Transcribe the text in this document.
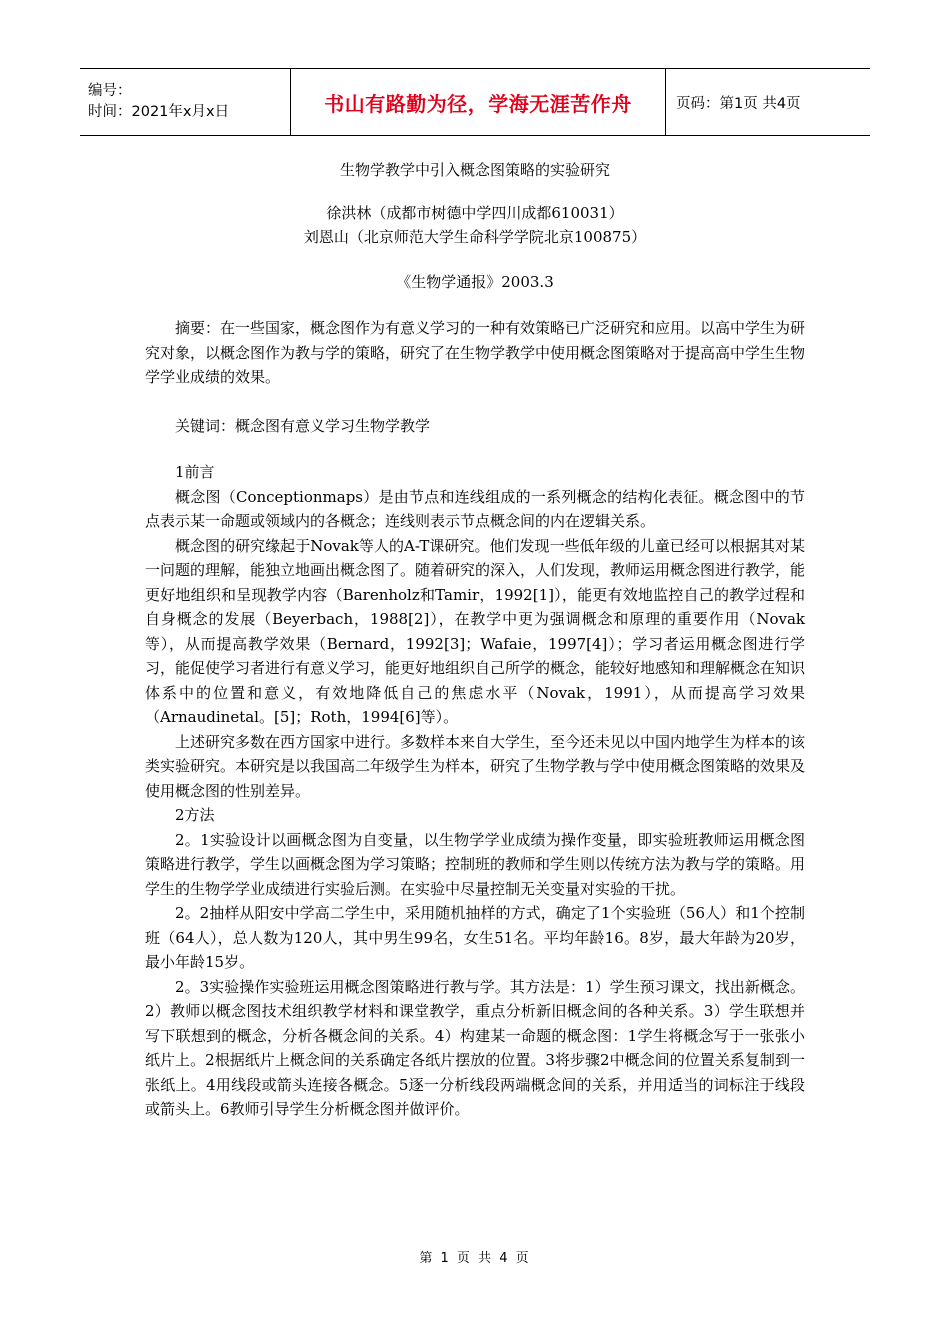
编号：
时间：2021年x月x日	书山有路勤为径，学海无涯苦作舟	页码：第1页 共4页

生物学教学中引入概念图策略的实验研究

徐洪林（成都市树德中学四川成都610031）

刘恩山（北京师范大学生命科学学院北京100875）

《生物学通报》2003.3

摘要：在一些国家，概念图作为有意义学习的一种有效策略已广泛研究和应用。以高中学生为研究对象，以概念图作为教与学的策略，研究了在生物学教学中使用概念图策略对于提高高中学生生物学学业成绩的效果。

关键词：概念图有意义学习生物学教学

1前言

概念图（Conceptionmaps）是由节点和连线组成的一系列概念的结构化表征。概念图中的节点表示某一命题或领域内的各概念；连线则表示节点概念间的内在逻辑关系。

概念图的研究缘起于Novak等人的A-T课研究。他们发现一些低年级的儿童已经可以根据其对某一问题的理解，能独立地画出概念图了。随着研究的深入，人们发现，教师运用概念图进行教学，能更好地组织和呈现教学内容（Barenholz和Tamir，1992[1]），能更有效地监控自己的教学过程和自身概念的发展（Beyerbach，1988[2]），在教学中更为强调概念和原理的重要作用（Novak等），从而提高教学效果（Bernard，1992[3]；Wafaie，1997[4]）；学习者运用概念图进行学习，能促使学习者进行有意义学习，能更好地组织自己所学的概念，能较好地感知和理解概念在知识体系中的位置和意义，有效地降低自己的焦虑水平（Novak，1991），从而提高学习效果（Arnaudinetal。[5]；Roth，1994[6]等）。

上述研究多数在西方国家中进行。多数样本来自大学生，至今还未见以中国内地学生为样本的该类实验研究。本研究是以我国高二年级学生为样本，研究了生物学教与学中使用概念图策略的效果及使用概念图的性别差异。

2方法

2。1实验设计以画概念图为自变量，以生物学学业成绩为操作变量，即实验班教师运用概念图策略进行教学，学生以画概念图为学习策略；控制班的教师和学生则以传统方法为教与学的策略。用学生的生物学学业成绩进行实验后测。在实验中尽量控制无关变量对实验的干扰。

2。2抽样从阳安中学高二学生中，采用随机抽样的方式，确定了1个实验班（56人）和1个控制班（64人），总人数为120人，其中男生99名，女生51名。平均年龄16。8岁，最大年龄为20岁，最小年龄15岁。

2。3实验操作实验班运用概念图策略进行教与学。其方法是：1）学生预习课文，找出新概念。2）教师以概念图技术组织教学材料和课堂教学，重点分析新旧概念间的各种关系。3）学生联想并写下联想到的概念，分析各概念间的关系。4）构建某一命题的概念图：1学生将概念写于一张张小纸片上。2根据纸片上概念间的关系确定各纸片摆放的位置。3将步骤2中概念间的位置关系复制到一张纸上。4用线段或箭头连接各概念。5逐一分析线段两端概念间的关系，并用适当的词标注于线段或箭头上。6教师引导学生分析概念图并做评价。

第 1 页 共 4 页
